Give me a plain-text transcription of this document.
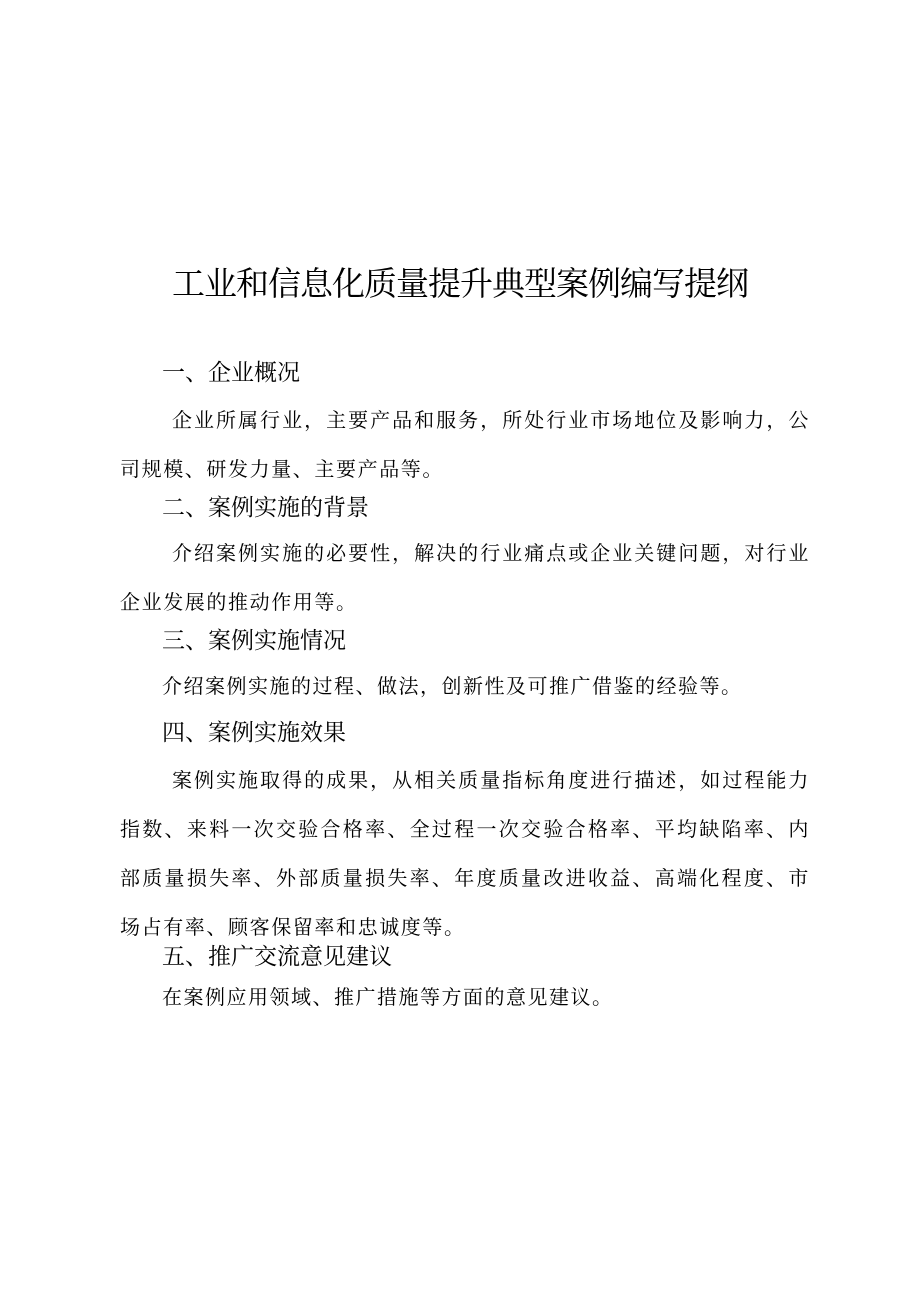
工业和信息化质量提升典型案例编写提纲
一、企业概况

企业所属行业，主要产品和服务，所处行业市场地位及影响力，公司规模、研发力量、主要产品等。

二、案例实施的背景

介绍案例实施的必要性，解决的行业痛点或企业关键问题，对行业企业发展的推动作用等。

三、案例实施情况

介绍案例实施的过程、做法，创新性及可推广借鉴的经验等。

四、案例实施效果

案例实施取得的成果，从相关质量指标角度进行描述，如过程能力指数、来料一次交验合格率、全过程一次交验合格率、平均缺陷率、内部质量损失率、外部质量损失率、年度质量改进收益、高端化程度、市场占有率、顾客保留率和忠诚度等。

五、推广交流意见建议

在案例应用领域、推广措施等方面的意见建议。
